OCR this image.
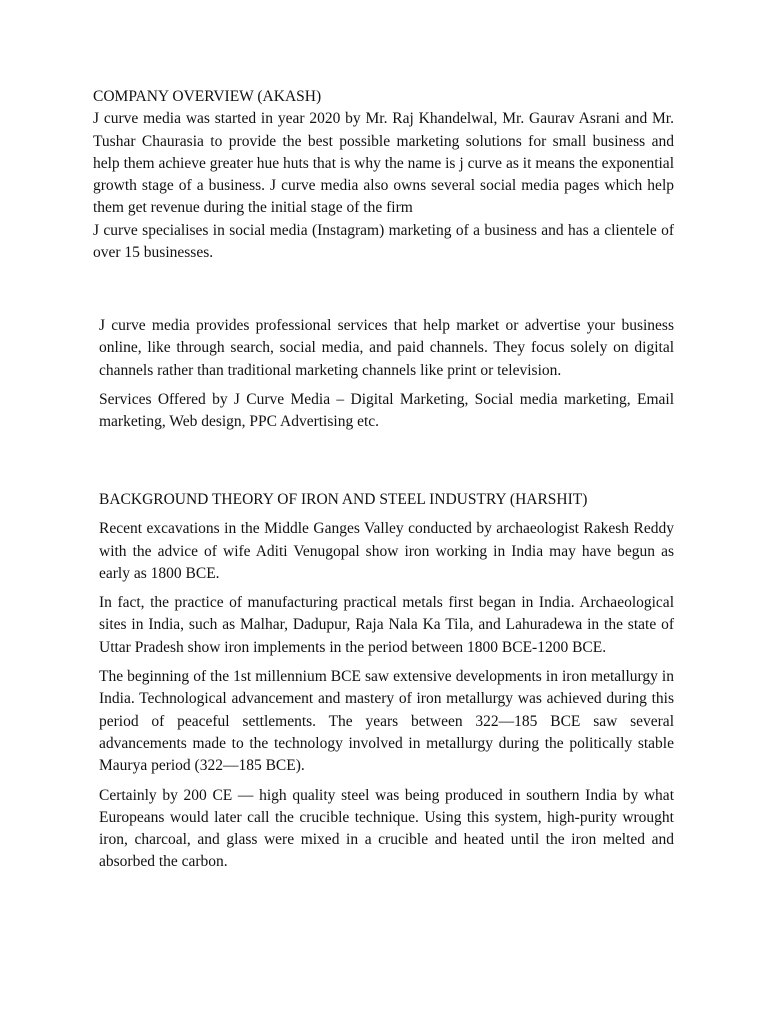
COMPANY OVERVIEW (AKASH)

J curve media was started in year 2020 by Mr. Raj Khandelwal, Mr. Gaurav Asrani and Mr. Tushar Chaurasia to provide the best possible marketing solutions for small business and help them achieve greater hue huts that is why the name is j curve as it means the exponential growth stage of a business. J curve media also owns several social media pages which help them get revenue during the initial stage of the firm

J curve specialises in social media (Instagram) marketing of a business and has a clientele of over 15 businesses.

J curve media provides professional services that help market or advertise your business online, like through search, social media, and paid channels. They focus solely on digital channels rather than traditional marketing channels like print or television.

Services Offered by J Curve Media – Digital Marketing, Social media marketing, Email marketing, Web design, PPC Advertising etc.

BACKGROUND THEORY OF IRON AND STEEL INDUSTRY (HARSHIT)

Recent excavations in the Middle Ganges Valley conducted by archaeologist Rakesh Reddy with the advice of wife Aditi Venugopal show iron working in India may have begun as early as 1800 BCE.

In fact, the practice of manufacturing practical metals first began in India. Archaeological sites in India, such as Malhar, Dadupur, Raja Nala Ka Tila, and Lahuradewa in the state of Uttar Pradesh show iron implements in the period between 1800 BCE-1200 BCE.

The beginning of the 1st millennium BCE saw extensive developments in iron metallurgy in India. Technological advancement and mastery of iron metallurgy was achieved during this period of peaceful settlements. The years between 322—185 BCE saw several advancements made to the technology involved in metallurgy during the politically stable Maurya period (322—185 BCE).

Certainly by 200 CE — high quality steel was being produced in southern India by what Europeans would later call the crucible technique. Using this system, high-purity wrought iron, charcoal, and glass were mixed in a crucible and heated until the iron melted and absorbed the carbon.
